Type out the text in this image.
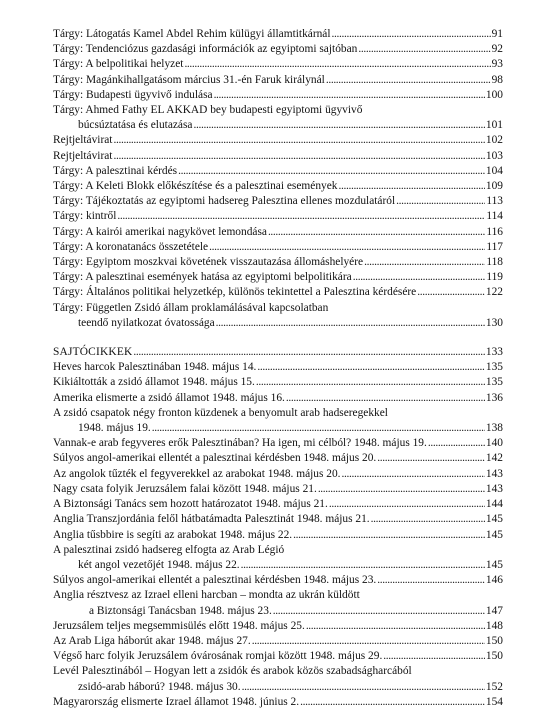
Tárgy: Látogatás Kamel Abdel Rehim külügyi államtitkárnál . . .	91
Tárgy: Tendenciózus gazdasági információk az egyiptomi sajtóban . . .	92
Tárgy: A belpolitikai helyzet . . .	93
Tárgy: Magánkihallgatásom március 31.-én Faruk királynál . . .	98
Tárgy: Budapesti ügyvivő indulása . . .	100
Tárgy: Ahmed Fathy EL AKKAD bey budapesti egyiptomi ügyvivő
búcsúztatása és elutazása . . .	101
Rejtjeltávirat . . .	102
Rejtjeltávirat . . .	103
Tárgy: A palesztinai kérdés . . .	104
Tárgy: A Keleti Blokk előkészítése és a palesztinai események . . .	109
Tárgy: Tájékoztatás az egyiptomi hadsereg Palesztina ellenes mozdulatáról . . .	113
Tárgy: kintről . . .	114
Tárgy: A kairói amerikai nagykövet lemondása . . .	116
Tárgy: A koronatanács összetétele . . .	117
Tárgy: Egyiptom moszkvai követének visszautazása állomáshelyére . . .	118
Tárgy: A palesztinai események hatása az egyiptomi belpolitikára . . .	119
Tárgy: Általános politikai helyzetkép, különös tekintettel a Palesztina kérdésére . . .	122
Tárgy: Független Zsidó állam proklamálásával kapcsolatban
teendő nyilatkozat óvatossága . . .	130
SAJTÓCIKKEK . . .	133
Heves harcok Palesztinában 1948. május 14. . . .	135
Kikiáltották a zsidó államot 1948. május 15. . . .	135
Amerika elismerte a zsidó államot 1948. május 16. . . .	136
A zsidó csapatok négy fronton küzdenek a benyomult arab hadseregekkel
1948. május 19. . . .	138
Vannak-e arab fegyveres erők Palesztinában? Ha igen, mi célból? 1948. május 19. . . .	140
Súlyos angol-amerikai ellentét a palesztinai kérdésben 1948. május 20. . . .	142
Az angolok tűzték el fegyverekkel az arabokat 1948. május 20. . . .	143
Nagy csata folyik Jeruzsálem falai között 1948. május 21. . . .	143
A Biztonsági Tanács sem hozott határozatot 1948. május 21. . . .	144
Anglia Transzjordánia felől hátbatámadta Palesztinát 1948. május 21. . . .	145
Anglia tűsbbire is segíti az arabokat 1948. május 22. . . .	145
A palesztinai zsidó hadsereg elfogta az Arab Légió
két angol vezetőjét 1948. május 22. . . .	145
Súlyos angol-amerikai ellentét a palesztinai kérdésben 1948. május 23. . . .	146
Anglia résztvesz az Izrael elleni harcban – mondta az ukrán küldött
a Biztonsági Tanácsban 1948. május 23. . . .	147
Jeruzsálem teljes megsemmisülés előtt 1948. május 25. . . .	148
Az Arab Liga háborút akar 1948. május 27. . . .	150
Végső harc folyik Jeruzsálem óvárosának romjai között 1948. május 29. . . .	150
Levél Palesztinából – Hogyan lett a zsidók és arabok közös szabadságharcából
zsidó-arab háború? 1948. május 30. . . .	152
Magyarország elismerte Izrael államot 1948. június 2. . . .	154
